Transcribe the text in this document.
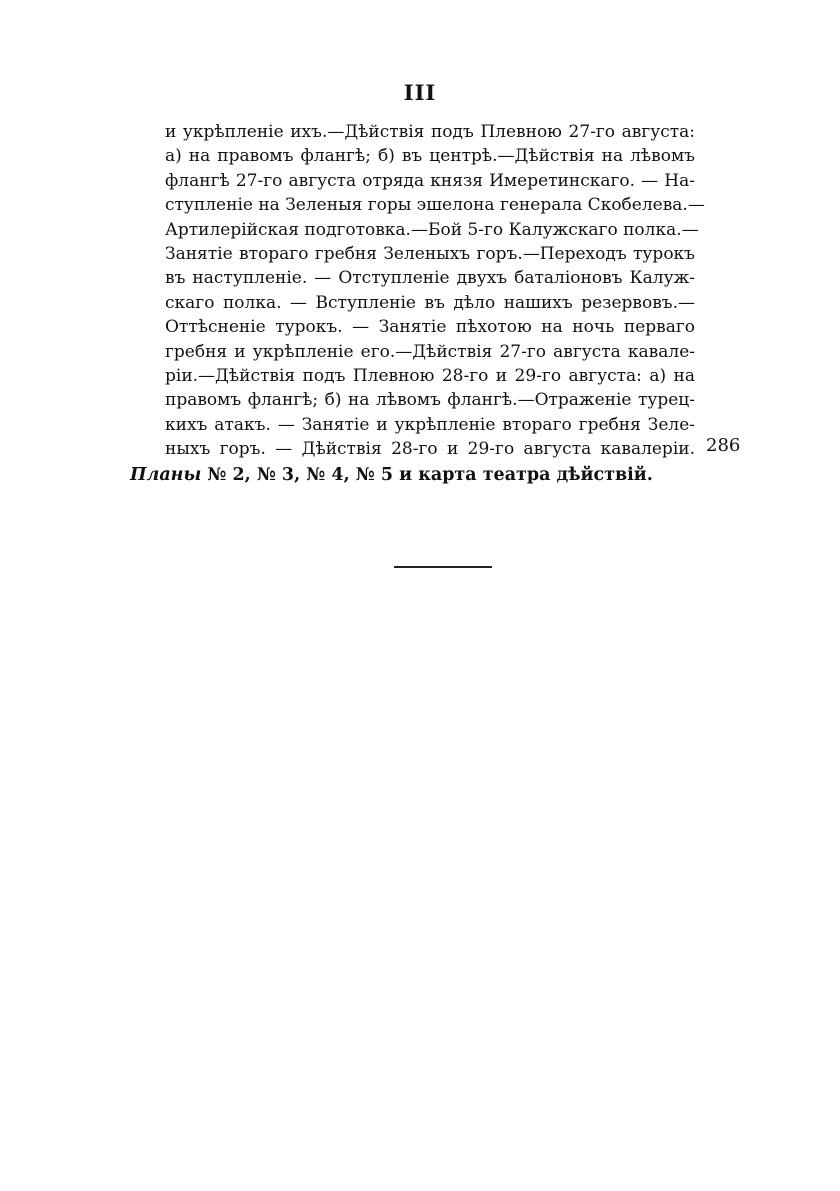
III
и укрѣпленіе ихъ.—Дѣйствія подъ Плевною 27-го августа:
а) на правомъ флангѣ; б) въ центрѣ.—Дѣйствія на лѣвомъ
флангѣ 27-го августа отряда князя Имеретинскаго. — На-
ступленіе на Зеленыя горы эшелона генерала Скобелева.—
Артилерійская подготовка.—Бой 5-го Калужскаго полка.—
Занятіе втораго гребня Зеленыхъ горъ.—Переходъ турокъ
въ наступленіе. — Отступленіе двухъ баталіоновъ Калуж-
скаго полка. — Вступленіе въ дѣло нашихъ резервовъ.—
Оттѣсненіе турокъ. — Занятіе пѣхотою на ночь перваго
гребня и укрѣпленіе его.—Дѣйствія 27-го августа кавале-
ріи.—Дѣйствія подъ Плевною 28-го и 29-го августа: а) на
правомъ флангѣ; б) на лѣвомъ флангѣ.—Отраженіе турец-
кихъ атакъ. — Занятіе и укрѣпленіе втораго гребня Зеле-
ныхъ горъ. — Дѣйствія 28-го и 29-го августа кавалеріи. 286
Планы № 2, № 3, № 4, № 5 и карта театра дѣйствій.
